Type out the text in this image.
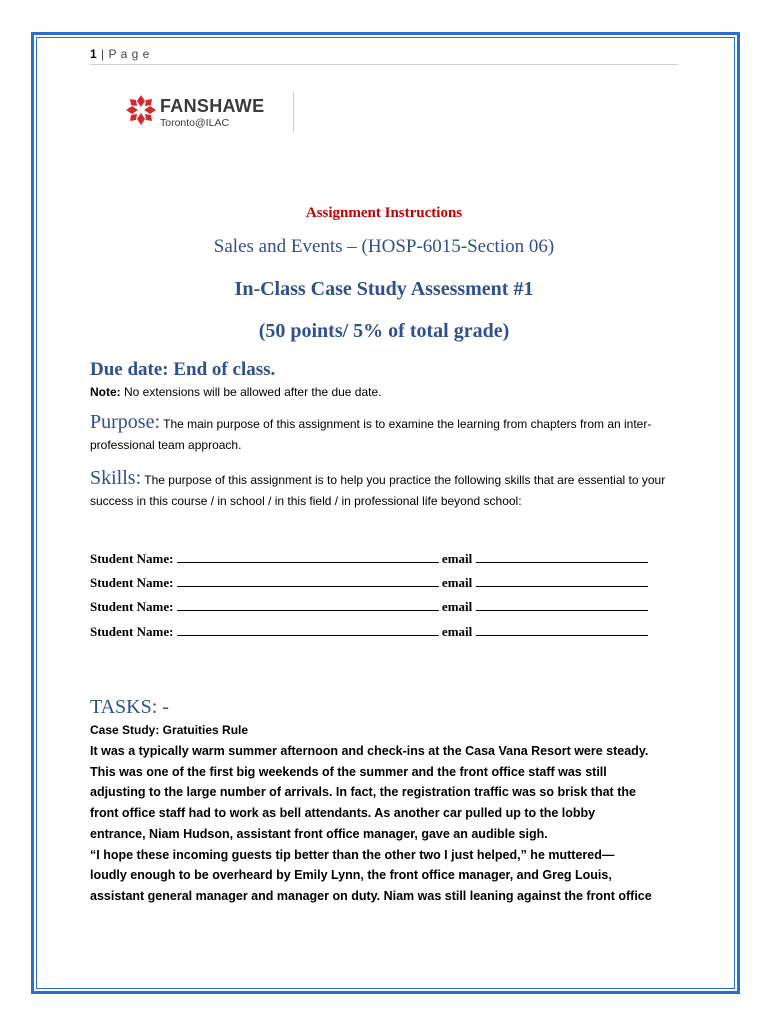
1 | P a g e
FANSHAWE
Toronto@ILAC
Assignment Instructions
Sales and Events – (HOSP-6015-Section 06)
In-Class Case Study Assessment #1
(50 points/ 5% of total grade)
Due date: End of class.
Note: No extensions will be allowed after the due date.
Purpose: The main purpose of this assignment is to examine the learning from chapters from an inter-professional team approach.
Skills: The purpose of this assignment is to help you practice the following skills that are essential to your success in this course / in school / in this field / in professional life beyond school:
Student Name:	email
Student Name:	email
Student Name:	email
Student Name:	email
TASKS: -
Case Study: Gratuities Rule
It was a typically warm summer afternoon and check-ins at the Casa Vana Resort were steady.
This was one of the first big weekends of the summer and the front office staff was still
adjusting to the large number of arrivals. In fact, the registration traffic was so brisk that the
front office staff had to work as bell attendants. As another car pulled up to the lobby
entrance, Niam Hudson, assistant front office manager, gave an audible sigh.
“I hope these incoming guests tip better than the other two I just helped,” he muttered—
loudly enough to be overheard by Emily Lynn, the front office manager, and Greg Louis,
assistant general manager and manager on duty. Niam was still leaning against the front office
